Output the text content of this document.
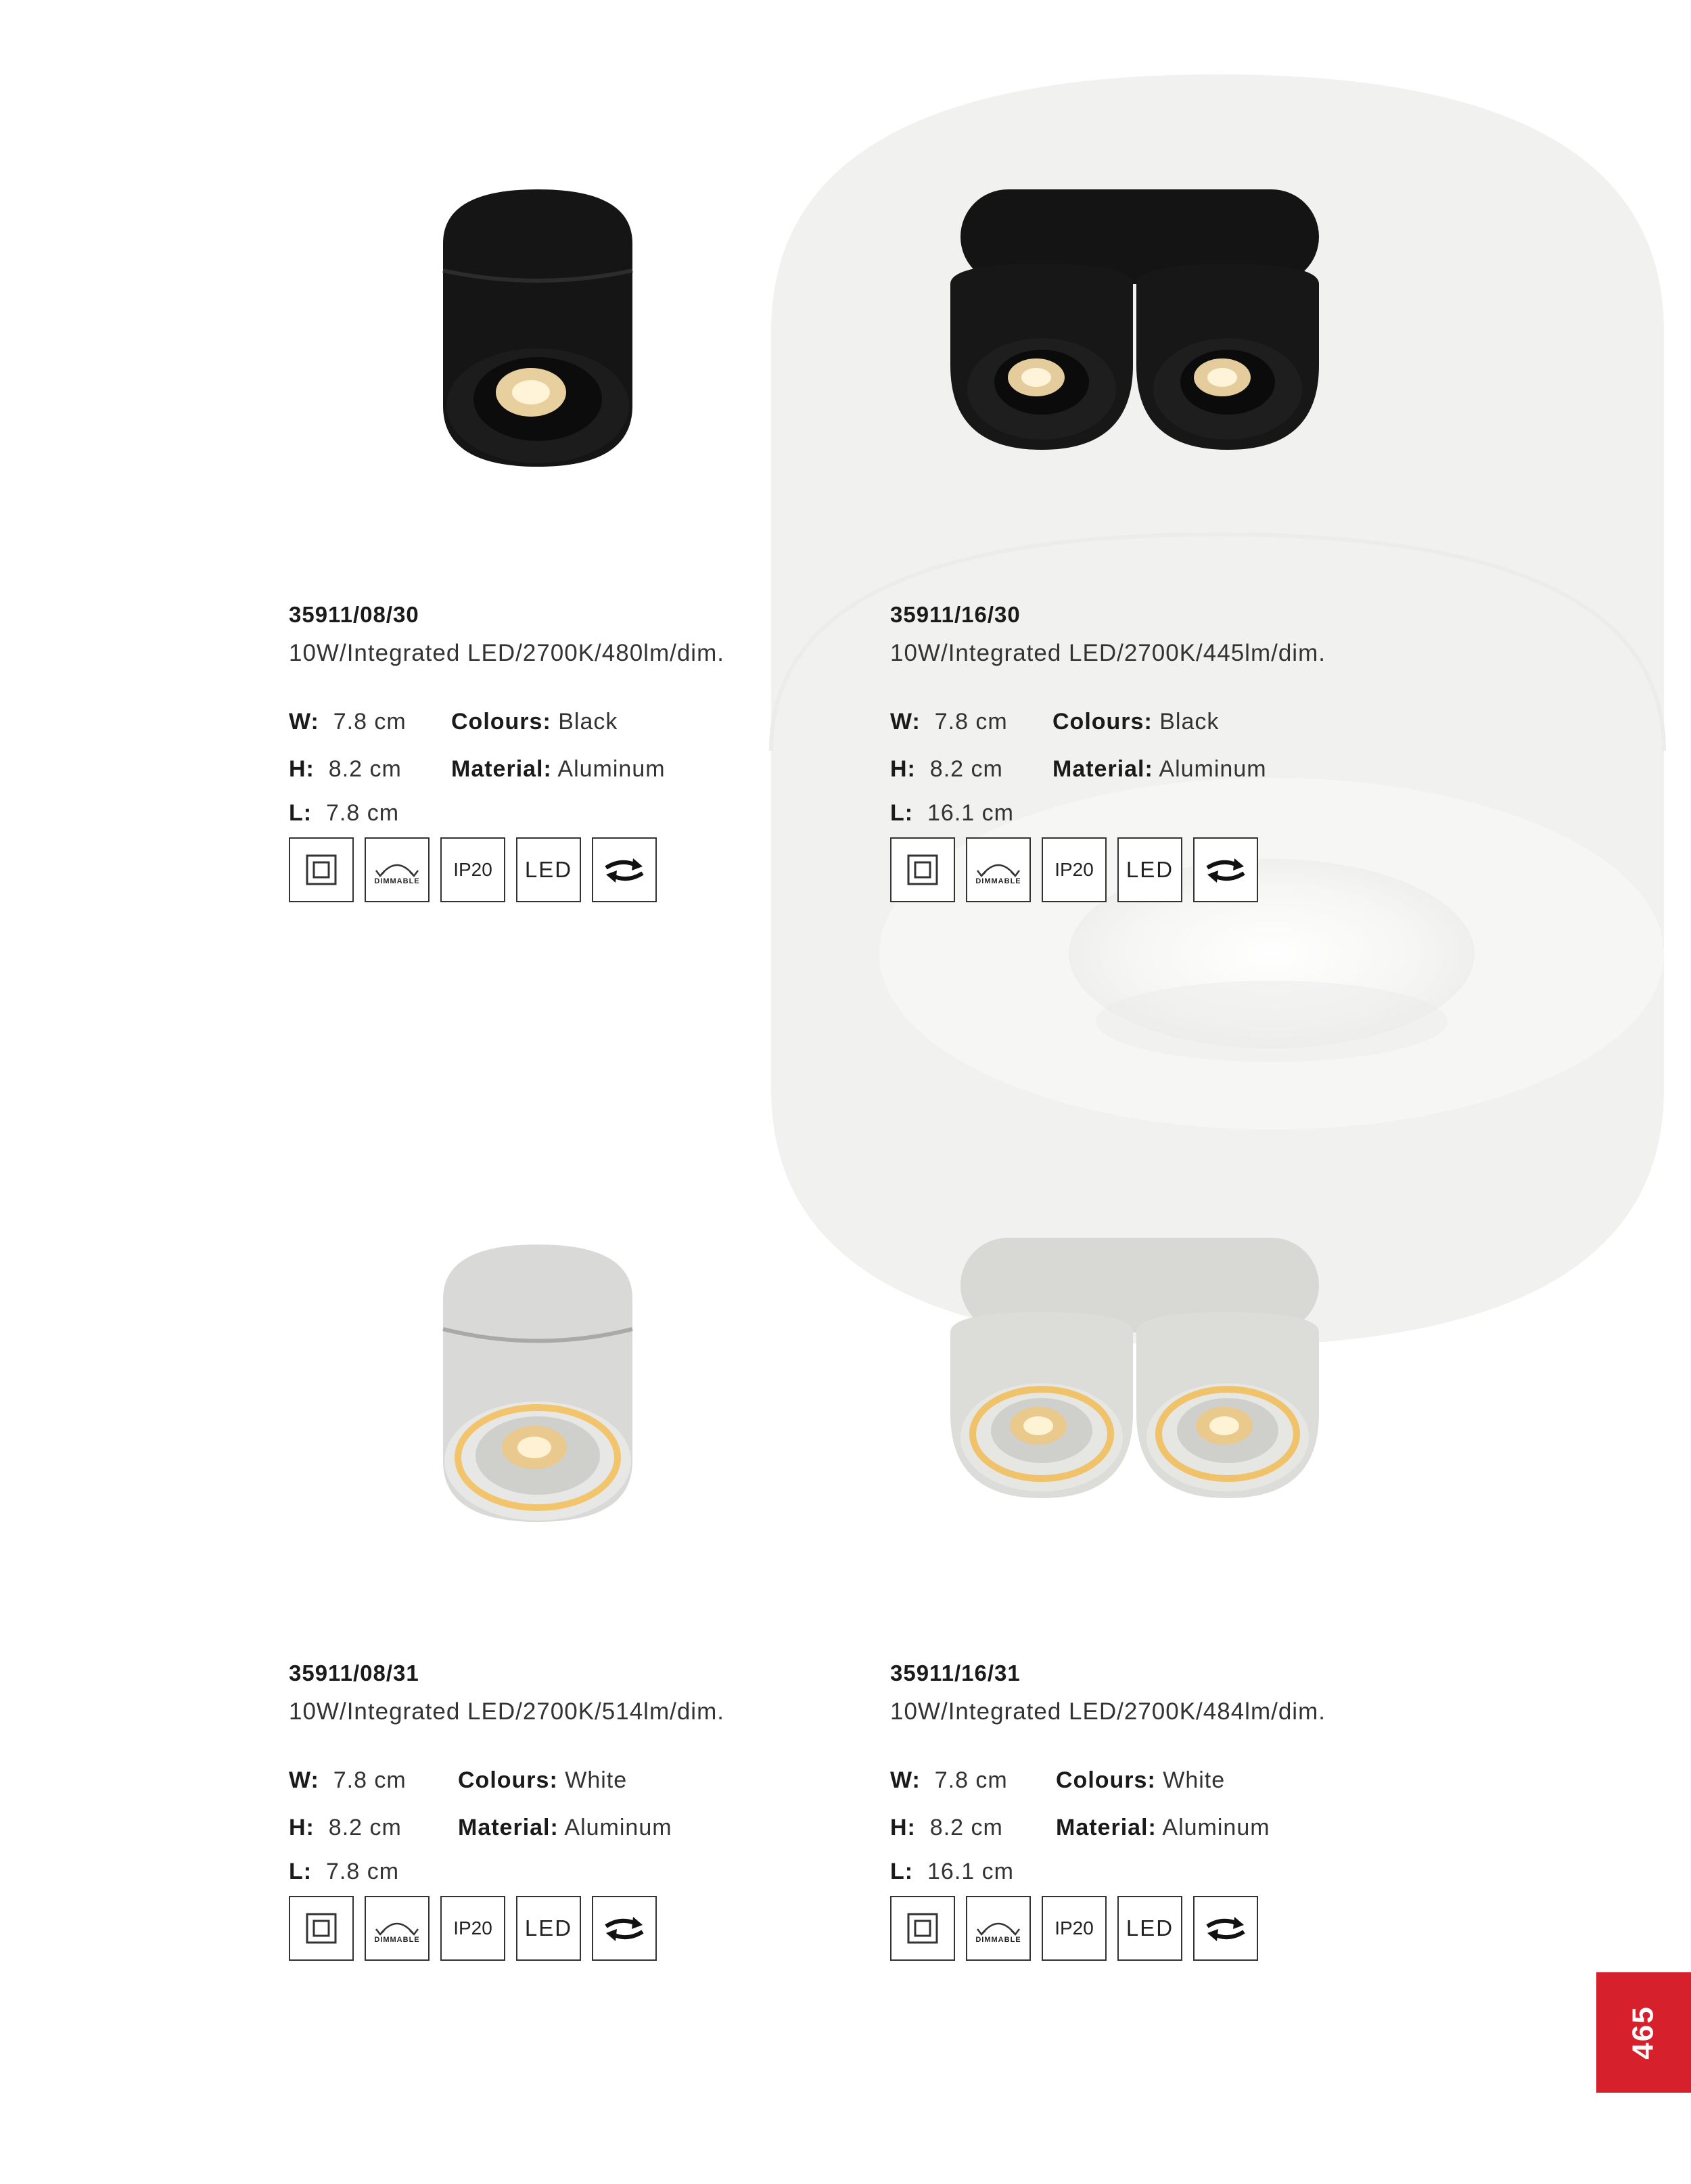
35911/08/30
10W/Integrated LED/2700K/480lm/dim.
W: 7.8 cm	Colours: Black
H: 8.2 cm	Material: Aluminum
L: 7.8 cm
DIMMABLE
IP20	LED
35911/16/30
10W/Integrated LED/2700K/445lm/dim.
W: 7.8 cm	Colours: Black
H: 8.2 cm	Material: Aluminum
L: 16.1 cm
DIMMABLE
IP20	LED
35911/08/31
10W/Integrated LED/2700K/514lm/dim.
W: 7.8 cm	Colours: White
H: 8.2 cm	Material: Aluminum
L: 7.8 cm
DIMMABLE
IP20	LED
35911/16/31
10W/Integrated LED/2700K/484lm/dim.
W: 7.8 cm	Colours: White
H: 8.2 cm	Material: Aluminum
L: 16.1 cm
DIMMABLE
IP20	LED
465
